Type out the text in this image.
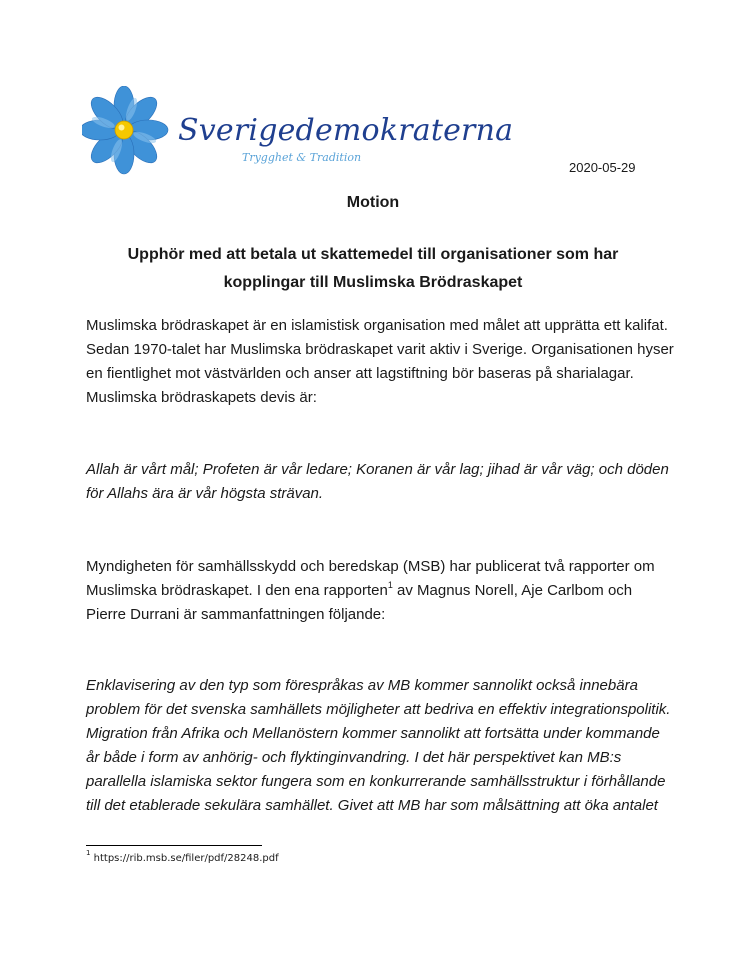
Sverigedemokraterna
Trygghet & Tradition
2020-05-29
Motion
Upphör med att betala ut skattemedel till organisationer som har
kopplingar till Muslimska Brödraskapet
Muslimska brödraskapet är en islamistisk organisation med målet att upprätta ett kalifat.
Sedan 1970-talet har Muslimska brödraskapet varit aktiv i Sverige. Organisationen hyser
en fientlighet mot västvärlden och anser att lagstiftning bör baseras på sharialagar.
Muslimska brödraskapets devis är:
Allah är vårt mål; Profeten är vår ledare; Koranen är vår lag; jihad är vår väg; och döden
för Allahs ära är vår högsta strävan.
Myndigheten för samhällsskydd och beredskap (MSB) har publicerat två rapporter om
Muslimska brödraskapet. I den ena rapporten$^1$ av Magnus Norell, Aje Carlbom och
Pierre Durrani är sammanfattningen följande:
Enklavisering av den typ som förespråkas av MB kommer sannolikt också innebära
problem för det svenska samhällets möjligheter att bedriva en effektiv integrationspolitik.
Migration från Afrika och Mellanöstern kommer sannolikt att fortsätta under kommande
år både i form av anhörig- och flyktinginvandring. I det här perspektivet kan MB:s
parallella islamiska sektor fungera som en konkurrerande samhällsstruktur i förhållande
till det etablerade sekulära samhället. Givet att MB har som målsättning att öka antalet
$^1$ https://rib.msb.se/filer/pdf/28248.pdf
